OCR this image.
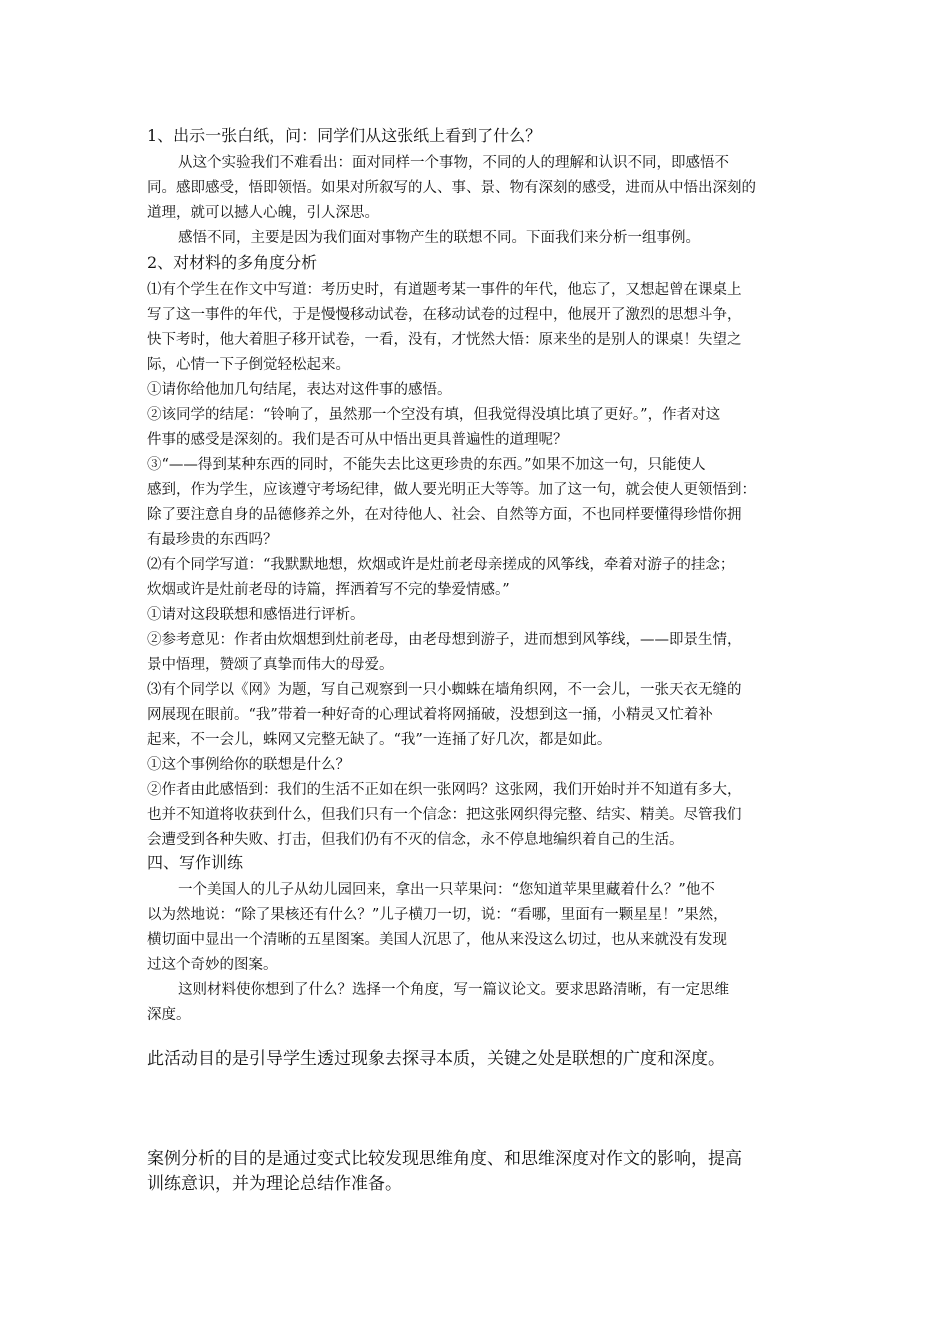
1、出示一张白纸，问：同学们从这张纸上看到了什么？
从这个实验我们不难看出：面对同样一个事物，不同的人的理解和认识不同，即感悟不
同。感即感受，悟即领悟。如果对所叙写的人、事、景、物有深刻的感受，进而从中悟出深刻的
道理，就可以撼人心魄，引人深思。
感悟不同，主要是因为我们面对事物产生的联想不同。下面我们来分析一组事例。
2、对材料的多角度分析
⑴有个学生在作文中写道：考历史时，有道题考某一事件的年代，他忘了，又想起曾在课桌上
写了这一事件的年代，于是慢慢移动试卷，在移动试卷的过程中，他展开了激烈的思想斗争，
快下考时，他大着胆子移开试卷，一看，没有，才恍然大悟：原来坐的是别人的课桌！失望之
际，心情一下子倒觉轻松起来。
①请你给他加几句结尾，表达对这件事的感悟。
②该同学的结尾：“铃响了，虽然那一个空没有填，但我觉得没填比填了更好。”，作者对这
件事的感受是深刻的。我们是否可从中悟出更具普遍性的道理呢？
③“——得到某种东西的同时，不能失去比这更珍贵的东西。”如果不加这一句，只能使人
感到，作为学生，应该遵守考场纪律，做人要光明正大等等。加了这一句，就会使人更领悟到：
除了要注意自身的品德修养之外，在对待他人、社会、自然等方面，不也同样要懂得珍惜你拥
有最珍贵的东西吗？
⑵有个同学写道：“我默默地想，炊烟或许是灶前老母亲搓成的风筝线，牵着对游子的挂念；
炊烟或许是灶前老母的诗篇，挥洒着写不完的挚爱情感。”
①请对这段联想和感悟进行评析。
②参考意见：作者由炊烟想到灶前老母，由老母想到游子，进而想到风筝线，——即景生情，
景中悟理，赞颂了真挚而伟大的母爱。
⑶有个同学以《网》为题，写自己观察到一只小蜘蛛在墙角织网，不一会儿，一张天衣无缝的
网展现在眼前。“我”带着一种好奇的心理试着将网捅破，没想到这一捅，小精灵又忙着补
起来，不一会儿，蛛网又完整无缺了。“我”一连捅了好几次，都是如此。
①这个事例给你的联想是什么？
②作者由此感悟到：我们的生活不正如在织一张网吗？这张网，我们开始时并不知道有多大，
也并不知道将收获到什么，但我们只有一个信念：把这张网织得完整、结实、精美。尽管我们
会遭受到各种失败、打击，但我们仍有不灭的信念，永不停息地编织着自己的生活。
四、写作训练
一个美国人的儿子从幼儿园回来，拿出一只苹果问：“您知道苹果里藏着什么？”他不
以为然地说：“除了果核还有什么？”儿子横刀一切，说：“看哪，里面有一颗星星！”果然，
横切面中显出一个清晰的五星图案。美国人沉思了，他从来没这么切过，也从来就没有发现
过这个奇妙的图案。
这则材料使你想到了什么？选择一个角度，写一篇议论文。要求思路清晰，有一定思维
深度。
此活动目的是引导学生透过现象去探寻本质，关键之处是联想的广度和深度。
案例分析的目的是通过变式比较发现思维角度、和思维深度对作文的影响，提高
训练意识，并为理论总结作准备。
